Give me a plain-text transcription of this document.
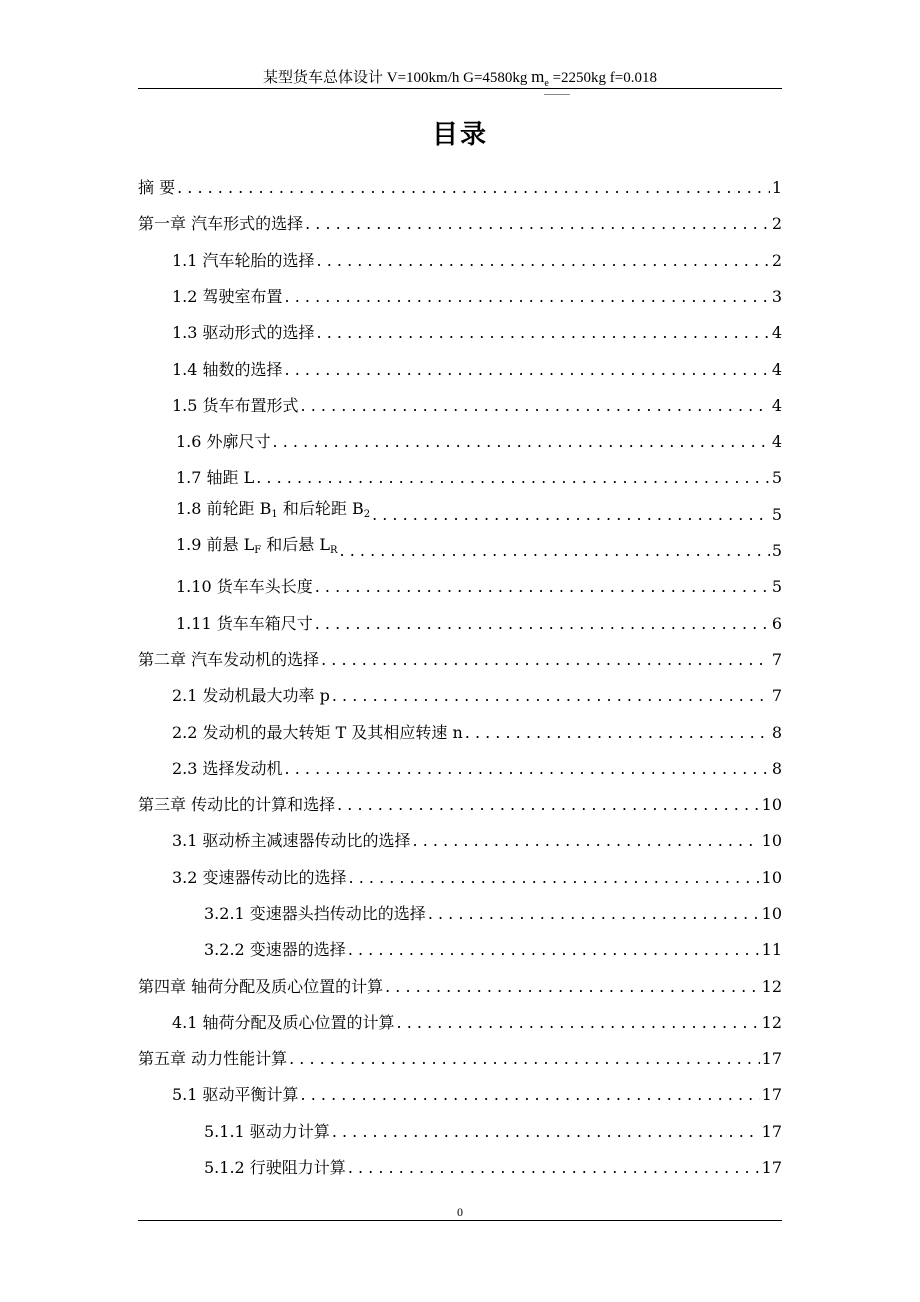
某型货车总体设计 V=100km/h G=4580kg $m_e =2250kg$ f=0.018
目录
摘 要 . . .	1
第一章 汽车形式的选择 . . .	2
1.1 汽车轮胎的选择 . . .	2
1.2 驾驶室布置 . . .	3
1.3 驱动形式的选择 . . .	4
1.4 轴数的选择 . . .	4
1.5 货车布置形式 . . .	4
1.6 外廓尺寸 . . .	4
1.7 轴距 L . . .	5
1.8 前轮距 $B_1$ 和后轮距 $B_2$ . . .	5
1.9 前悬 $L_F$ 和后悬 $L_R$ . . .	5
1.10 货车车头长度 . . .	5
1.11 货车车箱尺寸 . . .	6
第二章 汽车发动机的选择 . . .	7
2.1 发动机最大功率 p . . .	7
2.2 发动机的最大转矩 T 及其相应转速 n . . .	8
2.3 选择发动机 . . .	8
第三章 传动比的计算和选择 . . .	10
3.1 驱动桥主减速器传动比的选择 . . .	10
3.2 变速器传动比的选择 . . .	10
3.2.1 变速器头挡传动比的选择 . . .	10
3.2.2 变速器的选择 . . .	11
第四章 轴荷分配及质心位置的计算 . . .	12
4.1 轴荷分配及质心位置的计算 . . .	12
第五章 动力性能计算 . . .	17
5.1 驱动平衡计算 . . .	17
5.1.1 驱动力计算 . . .	17
5.1.2 行驶阻力计算 . . .	17
0
